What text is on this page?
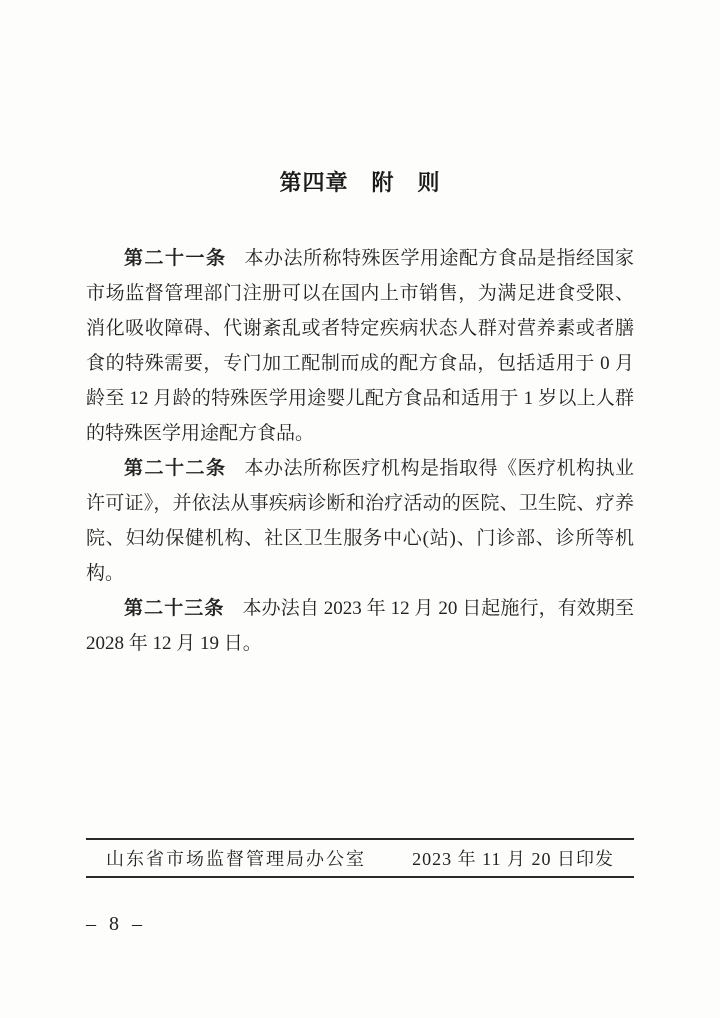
第四章　附　则

第二十一条 本办法所称特殊医学用途配方食品是指经国家市场监督管理部门注册可以在国内上市销售，为满足进食受限、消化吸收障碍、代谢紊乱或者特定疾病状态人群对营养素或者膳食的特殊需要，专门加工配制而成的配方食品，包括适用于 0 月龄至 12 月龄的特殊医学用途婴儿配方食品和适用于 1 岁以上人群的特殊医学用途配方食品。

第二十二条 本办法所称医疗机构是指取得《医疗机构执业许可证》，并依法从事疾病诊断和治疗活动的医院、卫生院、疗养院、妇幼保健机构、社区卫生服务中心(站)、门诊部、诊所等机构。

第二十三条 本办法自 2023 年 12 月 20 日起施行，有效期至 2028 年 12 月 19 日。

山东省市场监督管理局办公室	2023 年 11 月 20 日印发
– 8 –
